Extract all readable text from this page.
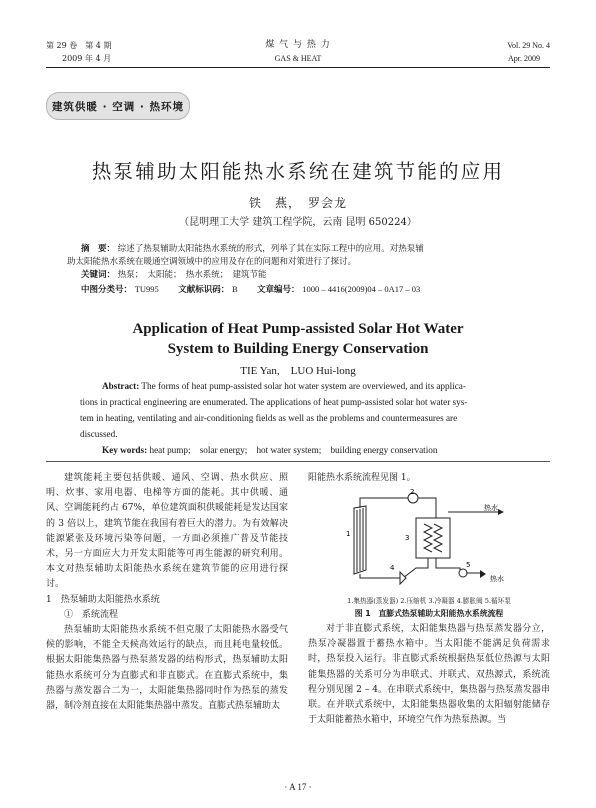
第 29 卷　第 4 期
2009 年 4 月
煤 气 与 热 力
GAS & HEAT
Vol. 29 No. 4
Apr. 2009
建筑供暖 · 空调 · 热环境
热泵辅助太阳能热水系统在建筑节能的应用
铁　燕，　罗会龙
（昆明理工大学 建筑工程学院，云南 昆明 650224）
摘　要： 综述了热泵辅助太阳能热水系统的形式，列举了其在实际工程中的应用。对热泵辅
助太阳能热水系统在暖通空调领域中的应用及存在的问题和对策进行了探讨。
关键词： 热泵；　太阳能；　热水系统；　建筑节能
中图分类号： TU995 文献标识码： B 文章编号： 1000 – 4416(2009)04 – 0A17 – 03
Application of Heat Pump-assisted Solar Hot Water
System to Building Energy Conservation
TIE Yan,　LUO Hui-long
Abstract: The forms of heat pump-assisted solar hot water system are overviewed, and its applica-
tions in practical engineering are enumerated. The applications of heat pump-assisted solar hot water sys-
tem in heating, ventilating and air-conditioning fields as well as the problems and countermeasures are
discussed.
Key words: heat pump;　solar energy;　hot water system;　building energy conservation

建筑能耗主要包括供暖、通风、空调、热水供应、照明、炊事、家用电器、电梯等方面的能耗。其中供暖、通风、空调能耗约占 67%，单位建筑面积供暖能耗是发达国家的 3 倍以上，建筑节能在我国有着巨大的潜力。为有效解决能源紧张及环境污染等问题，一方面必须推广普及节能技术，另一方面应大力开发太阳能等可再生能源的研究利用。本文对热泵辅助太阳能热水系统在建筑节能的应用进行探讨。

1　热泵辅助太阳能热水系统

①　系统流程

热泵辅助太阳能热水系统不但克服了太阳能热水器受气候的影响，不能全天候高效运行的缺点，而且耗电量较低。根据太阳能集热器与热泵蒸发器的结构形式，热泵辅助太阳能热水系统可分为直膨式和非直膨式。在直膨式系统中，集热器与蒸发器合二为一，太阳能集热器同时作为热泵的蒸发器，制冷剂直接在太阳能集热器中蒸发。直膨式热泵辅助太

阳能热水系统流程见图 1。

热水
热水
1
2
3
4	5
1.集热器(蒸发器) 2.压缩机 3.冷凝器 4.膨胀阀 5.循环泵
图 1　直膨式热泵辅助太阳能热水系统流程

对于非直膨式系统，太阳能集热器与热泵蒸发器分立，热泵冷凝器置于蓄热水箱中。当太阳能不能满足负荷需求时，热泵投入运行。非直膨式系统根据热泵低位热源与太阳能集热器的关系可分为串联式、并联式、双热源式，系统流程分别见图 2 – 4。在串联式系统中，集热器与热泵蒸发器串联。在并联式系统中，太阳能集热器收集的太阳辐射能储存于太阳能蓄热水箱中，环境空气作为热泵热源。当

· A 17 ·
